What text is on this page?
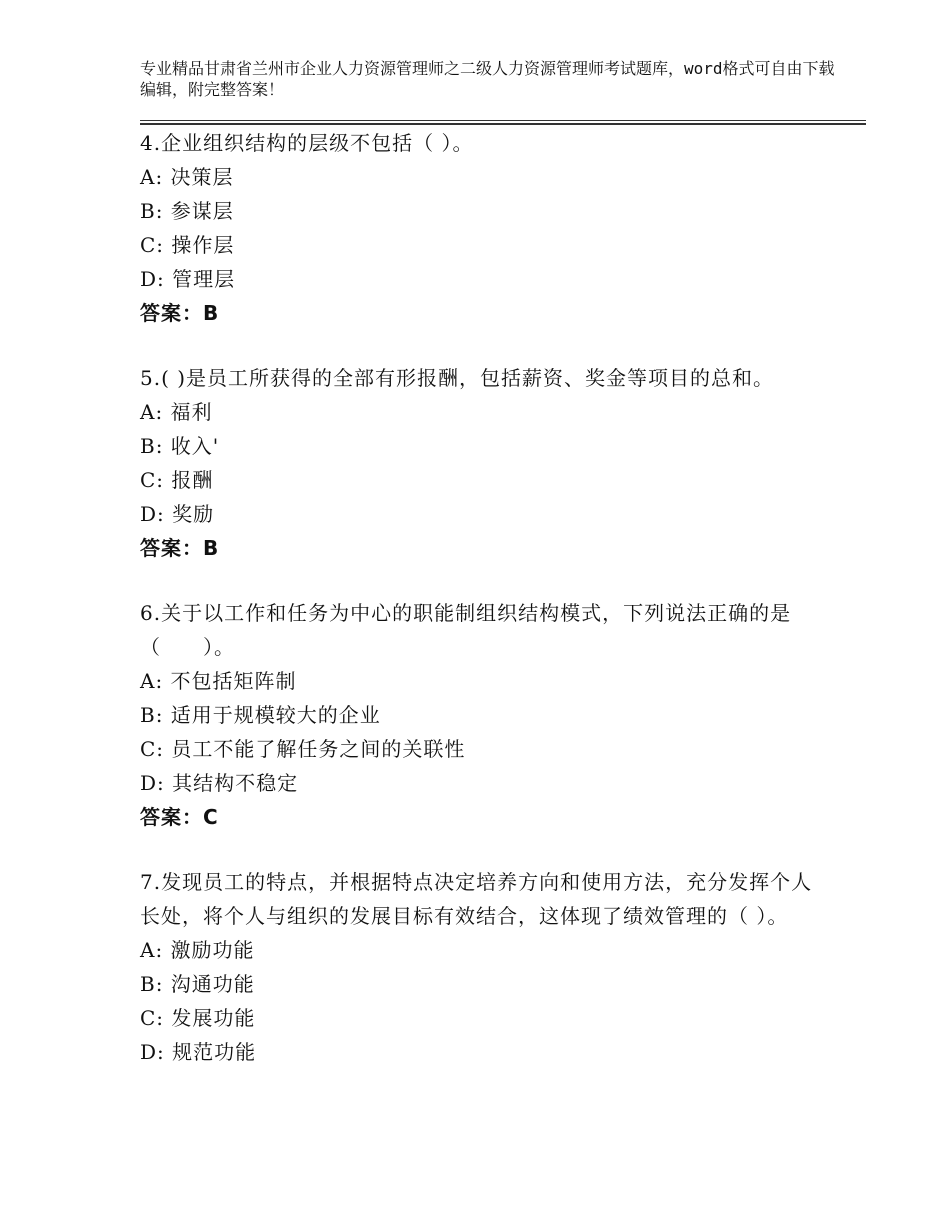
专业精品甘肃省兰州市企业人力资源管理师之二级人力资源管理师考试题库，word格式可自由下载编辑，附完整答案！
4.企业组织结构的层级不包括（ ）。
A: 决策层
B: 参谋层
C: 操作层
D: 管理层
答案：B
5.( )是员工所获得的全部有形报酬，包括薪资、奖金等项目的总和。
A: 福利
B: 收入'
C: 报酬
D: 奖励
答案：B
6.关于以工作和任务为中心的职能制组织结构模式，下列说法正确的是（　　）。
A: 不包括矩阵制
B: 适用于规模较大的企业
C: 员工不能了解任务之间的关联性
D: 其结构不稳定
答案：C
7.发现员工的特点，并根据特点决定培养方向和使用方法，充分发挥个人长处，将个人与组织的发展目标有效结合，这体现了绩效管理的（ ）。
A: 激励功能
B: 沟通功能
C: 发展功能
D: 规范功能
